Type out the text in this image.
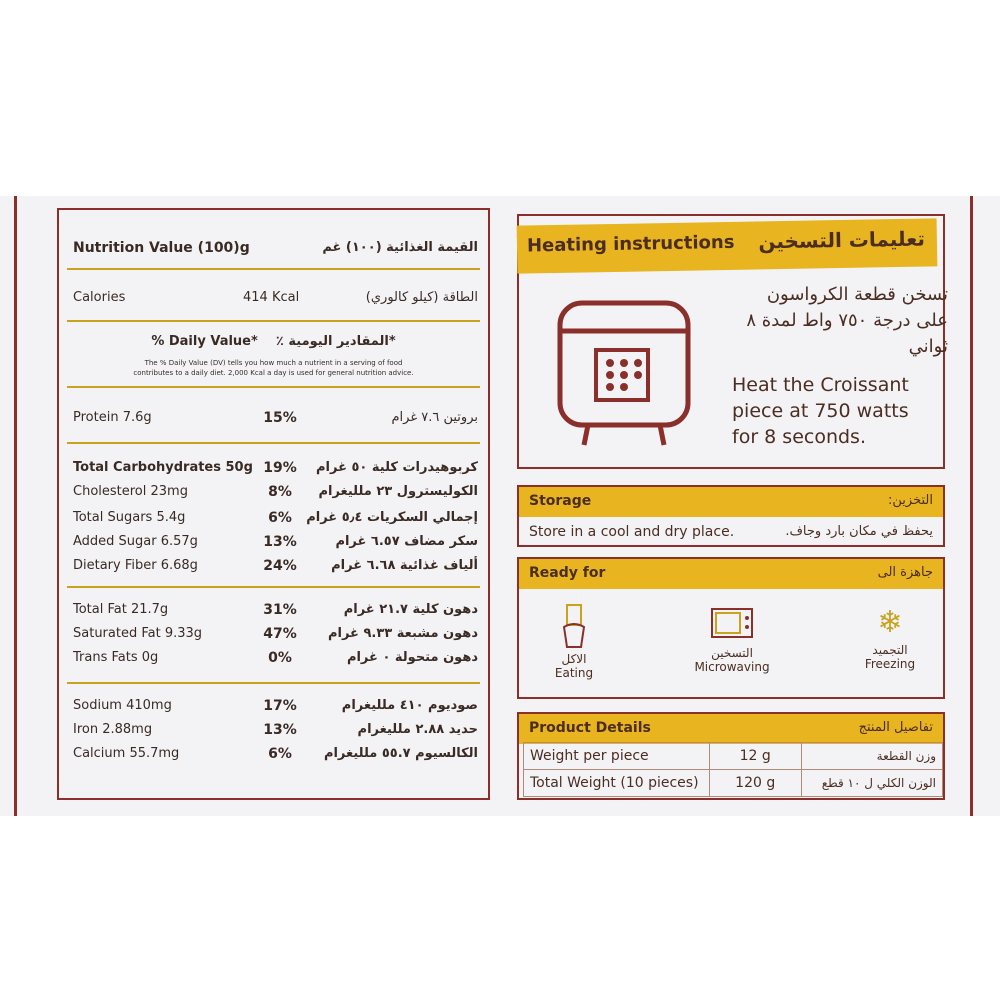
Nutrition Value (100)g	القيمة الغذائية (١٠٠) غم
Calories	414 Kcal	الطاقة (كيلو كالوري)
% Daily Value* ٪ المقادير اليومية*
The % Daily Value (DV) tells you how much a nutrient in a serving of food
contributes to a daily diet. 2,000 Kcal a day is used for general nutrition advice.
Protein 7.6g	15%	بروتين ٧.٦ غرام
Total Carbohydrates 50g 19% كربوهيدرات كلية ٥٠ غرام
Cholesterol 23mg	8%	الكوليسترول ٢٣ ملليغرام
Total Sugars 5.4g	6%	إجمالي السكريات ٥٫٤ غرام
Added Sugar 6.57g	13%	سكر مضاف ٦.٥٧ غرام
Dietary Fiber 6.68g	24%	ألياف غذائية ٦.٦٨ غرام
Total Fat 21.7g	31%	دهون كلية ٢١.٧ غرام
Saturated Fat 9.33g	47% دهون مشبعة ٩.٣٣ غرام
Trans Fats 0g	0%	دهون متحولة ٠ غرام
Sodium 410mg	17%	صوديوم ٤١٠ ملليغرام
Iron 2.88mg	13%	حديد ٢.٨٨ ملليغرام
Calcium 55.7mg	6%	الكالسيوم ٥٥.٧ ملليغرام
Heating instructions تعليمات التسخين
تسخن قطعة الكرواسون على درجة ٧٥٠ واط لمدة ٨ ثواني
Heat the Croissant piece at 750 watts for 8 seconds.
Storage	التخزين:
Store in a cool and dry place.	يحفظ في مكان بارد وجاف.
Ready for	جاهزة الى
الاكل
Eating
التسخين
Microwaving
❄
التجميد
Freezing
Product Details	تفاصيل المنتج
Weight per piece	12 g	وزن القطعة
Total Weight (10 pieces)	120 g	الوزن الكلي ل ١٠ قطع
